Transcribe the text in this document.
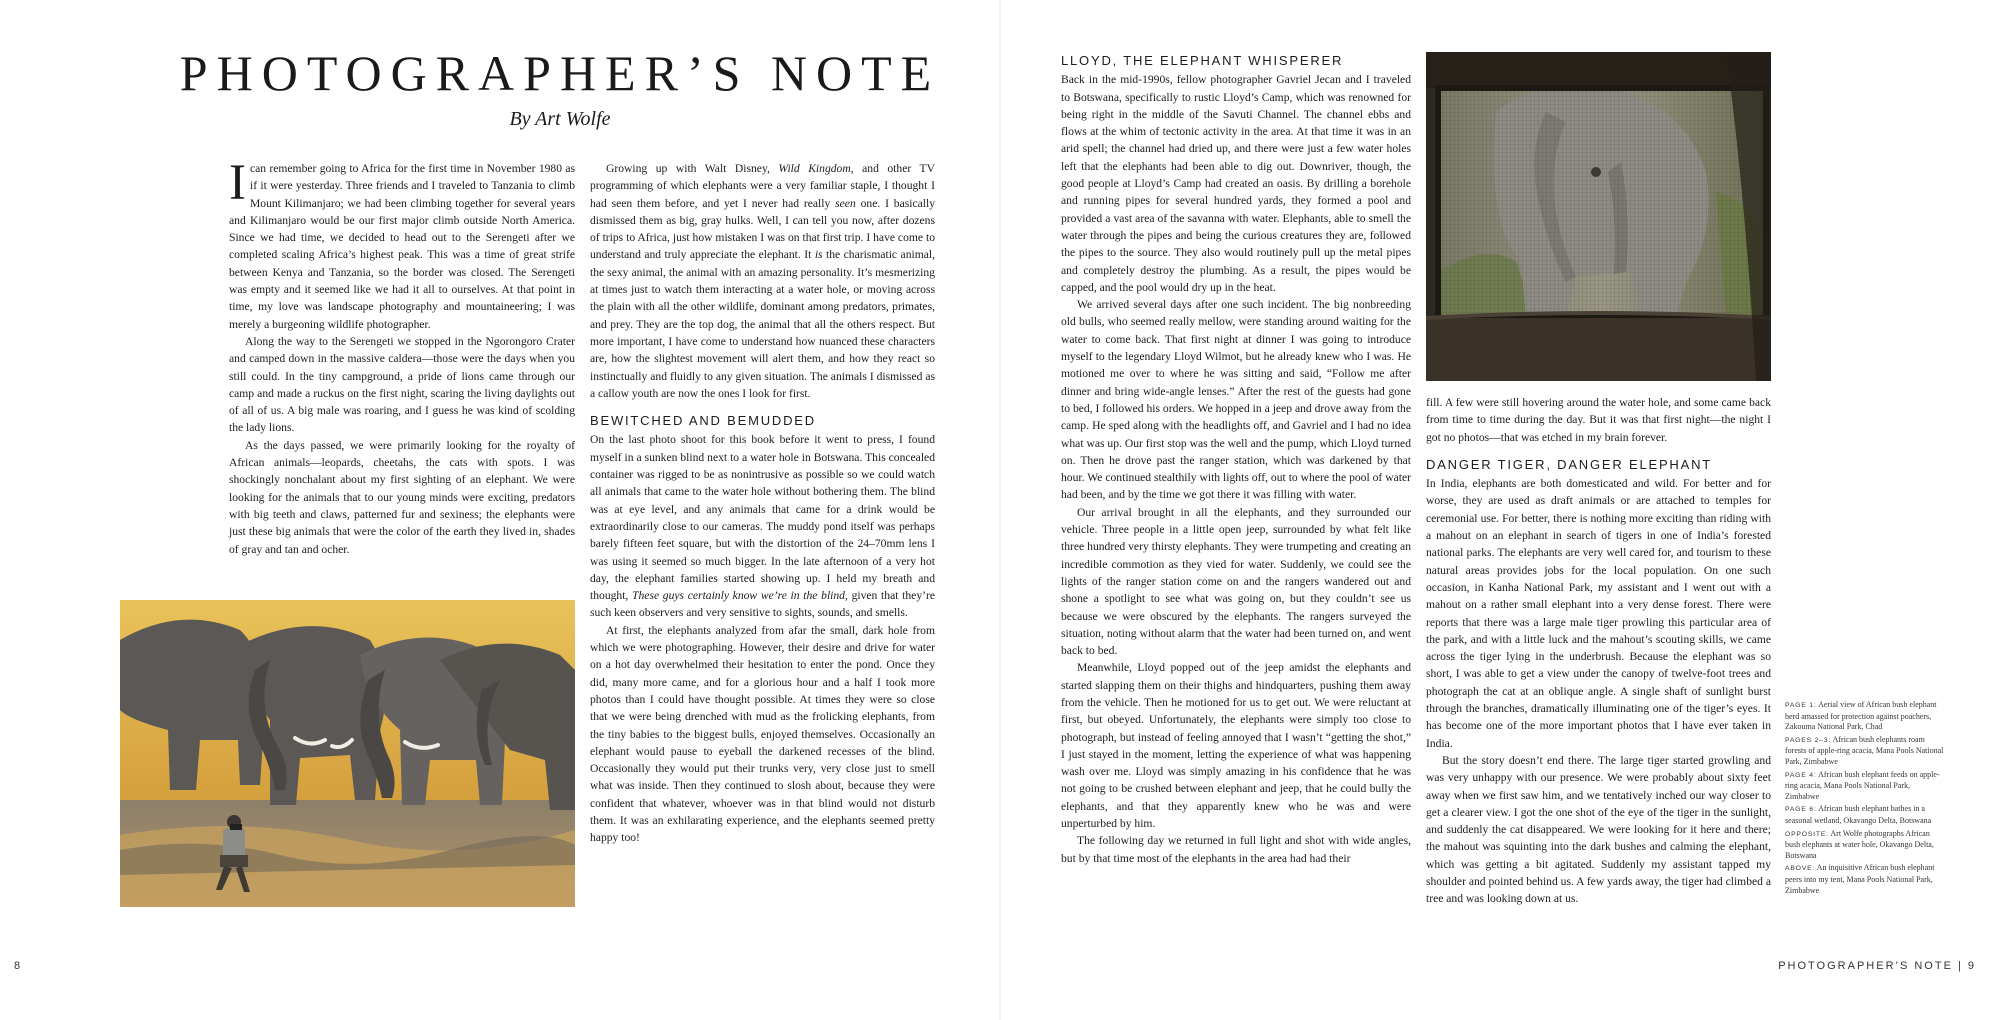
PHOTOGRAPHER’S NOTE
By Art Wolfe

Ican remember going to Africa for the first time in November 1980 as if it were yesterday. Three friends and I traveled to Tanzania to climb Mount Kilimanjaro; we had been climbing together for several years and Kilimanjaro would be our first major climb outside North America. Since we had time, we decided to head out to the Serengeti after we completed scaling Africa’s highest peak. This was a time of great strife between Kenya and Tanzania, so the border was closed. The Serengeti was empty and it seemed like we had it all to ourselves. At that point in time, my love was landscape photography and mountaineering; I was merely a burgeoning wildlife photographer.

Along the way to the Serengeti we stopped in the Ngorongoro Crater and camped down in the massive caldera—those were the days when you still could. In the tiny campground, a pride of lions came through our camp and made a ruckus on the first night, scaring the living daylights out of all of us. A big male was roaring, and I guess he was kind of scolding the lady lions.

As the days passed, we were primarily looking for the royalty of African animals—leopards, cheetahs, the cats with spots. I was shockingly nonchalant about my first sighting of an elephant. We were looking for the animals that to our young minds were exciting, predators with big teeth and claws, patterned fur and sexiness; the elephants were just these big animals that were the color of the earth they lived in, shades of gray and tan and ocher.

Growing up with Walt Disney, Wild Kingdom, and other TV programming of which elephants were a very familiar staple, I thought I had seen them before, and yet I never had really seen one. I basically dismissed them as big, gray hulks. Well, I can tell you now, after dozens of trips to Africa, just how mistaken I was on that first trip. I have come to understand and truly appreciate the elephant. It is the charismatic animal, the sexy animal, the animal with an amazing personality. It’s mesmerizing at times just to watch them interacting at a water hole, or moving across the plain with all the other wildlife, dominant among predators, primates, and prey. They are the top dog, the animal that all the others respect. But more important, I have come to understand how nuanced these characters are, how the slightest movement will alert them, and how they react so instinctually and fluidly to any given situation. The animals I dismissed as a callow youth are now the ones I look for first.

BEWITCHED AND BEMUDDED

On the last photo shoot for this book before it went to press, I found myself in a sunken blind next to a water hole in Botswana. This concealed container was rigged to be as nonintrusive as possible so we could watch all animals that came to the water hole without bothering them. The blind was at eye level, and any animals that came for a drink would be extraordinarily close to our cameras. The muddy pond itself was perhaps barely fifteen feet square, but with the distortion of the 24–70mm lens I was using it seemed so much bigger. In the late afternoon of a very hot day, the elephant families started showing up. I held my breath and thought, These guys certainly know we’re in the blind, given that they’re such keen observers and very sensitive to sights, sounds, and smells.

At first, the elephants analyzed from afar the small, dark hole from which we were photographing. However, their desire and drive for water on a hot day overwhelmed their hesitation to enter the pond. Once they did, many more came, and for a glorious hour and a half I took more photos than I could have thought possible. At times they were so close that we were being drenched with mud as the frolicking elephants, from the tiny babies to the biggest bulls, enjoyed themselves. Occasionally an elephant would pause to eyeball the darkened recesses of the blind. Occasionally they would put their trunks very, very close just to smell what was inside. Then they continued to slosh about, because they were confident that whatever, whoever was in that blind would not disturb them. It was an exhilarating experience, and the elephants seemed pretty happy too!

8
LLOYD, THE ELEPHANT WHISPERER

Back in the mid-1990s, fellow photographer Gavriel Jecan and I traveled to Botswana, specifically to rustic Lloyd’s Camp, which was renowned for being right in the middle of the Savuti Channel. The channel ebbs and flows at the whim of tectonic activity in the area. At that time it was in an arid spell; the channel had dried up, and there were just a few water holes left that the elephants had been able to dig out. Downriver, though, the good people at Lloyd’s Camp had created an oasis. By drilling a borehole and running pipes for several hundred yards, they formed a pool and provided a vast area of the savanna with water. Elephants, able to smell the water through the pipes and being the curious creatures they are, followed the pipes to the source. They also would routinely pull up the metal pipes and completely destroy the plumbing. As a result, the pipes would be capped, and the pool would dry up in the heat.

We arrived several days after one such incident. The big nonbreeding old bulls, who seemed really mellow, were standing around waiting for the water to come back. That first night at dinner I was going to introduce myself to the legendary Lloyd Wilmot, but he already knew who I was. He motioned me over to where he was sitting and said, “Follow me after dinner and bring wide-angle lenses.” After the rest of the guests had gone to bed, I followed his orders. We hopped in a jeep and drove away from the camp. He sped along with the headlights off, and Gavriel and I had no idea what was up. Our first stop was the well and the pump, which Lloyd turned on. Then he drove past the ranger station, which was darkened by that hour. We continued stealthily with lights off, out to where the pool of water had been, and by the time we got there it was filling with water.

Our arrival brought in all the elephants, and they surrounded our vehicle. Three people in a little open jeep, surrounded by what felt like three hundred very thirsty elephants. They were trumpeting and creating an incredible commotion as they vied for water. Suddenly, we could see the lights of the ranger station come on and the rangers wandered out and shone a spotlight to see what was going on, but they couldn’t see us because we were obscured by the elephants. The rangers surveyed the situation, noting without alarm that the water had been turned on, and went back to bed.

Meanwhile, Lloyd popped out of the jeep amidst the elephants and started slapping them on their thighs and hindquarters, pushing them away from the vehicle. Then he motioned for us to get out. We were reluctant at first, but obeyed. Unfortunately, the elephants were simply too close to photograph, but instead of feeling annoyed that I wasn’t “getting the shot,” I just stayed in the moment, letting the experience of what was happening wash over me. Lloyd was simply amazing in his confidence that he was not going to be crushed between elephant and jeep, that he could bully the elephants, and that they apparently knew who he was and were unperturbed by him.

The following day we returned in full light and shot with wide angles, but by that time most of the elephants in the area had had their

fill. A few were still hovering around the water hole, and some came back from time to time during the day. But it was that first night—the night I got no photos—that was etched in my brain forever.

DANGER TIGER, DANGER ELEPHANT

In India, elephants are both domesticated and wild. For better and for worse, they are used as draft animals or are attached to temples for ceremonial use. For better, there is nothing more exciting than riding with a mahout on an elephant in search of tigers in one of India’s forested national parks. The elephants are very well cared for, and tourism to these natural areas provides jobs for the local population. On one such occasion, in Kanha National Park, my assistant and I went out with a mahout on a rather small elephant into a very dense forest. There were reports that there was a large male tiger prowling this particular area of the park, and with a little luck and the mahout’s scouting skills, we came across the tiger lying in the underbrush. Because the elephant was so short, I was able to get a view under the canopy of twelve-foot trees and photograph the cat at an oblique angle. A single shaft of sunlight burst through the branches, dramatically illuminating one of the tiger’s eyes. It has become one of the more important photos that I have ever taken in India.

But the story doesn’t end there. The large tiger started growling and was very unhappy with our presence. We were probably about sixty feet away when we first saw him, and we tentatively inched our way closer to get a clearer view. I got the one shot of the eye of the tiger in the sunlight, and suddenly the cat disappeared. We were looking for it here and there; the mahout was squinting into the dark bushes and calming the elephant, which was getting a bit agitated. Suddenly my assistant tapped my shoulder and pointed behind us. A few yards away, the tiger had climbed a tree and was looking down at us.

PAGE 1: Aerial view of African bush elephant herd amassed for protection against poachers, Zakouma National Park, Chad

PAGES 2–3: African bush elephants roam forests of apple-ring acacia, Mana Pools National Park, Zimbabwe

PAGE 4: African bush elephant feeds on apple-ring acacia, Mana Pools National Park, Zimbabwe

PAGE 6: African bush elephant bathes in a seasonal wetland, Okavango Delta, Botswana

OPPOSITE: Art Wolfe photographs African bush elephants at water hole, Okavango Delta, Botswana

ABOVE: An inquisitive African bush elephant peers into my tent, Mana Pools National Park, Zimbabwe

PHOTOGRAPHER’S NOTE | 9
